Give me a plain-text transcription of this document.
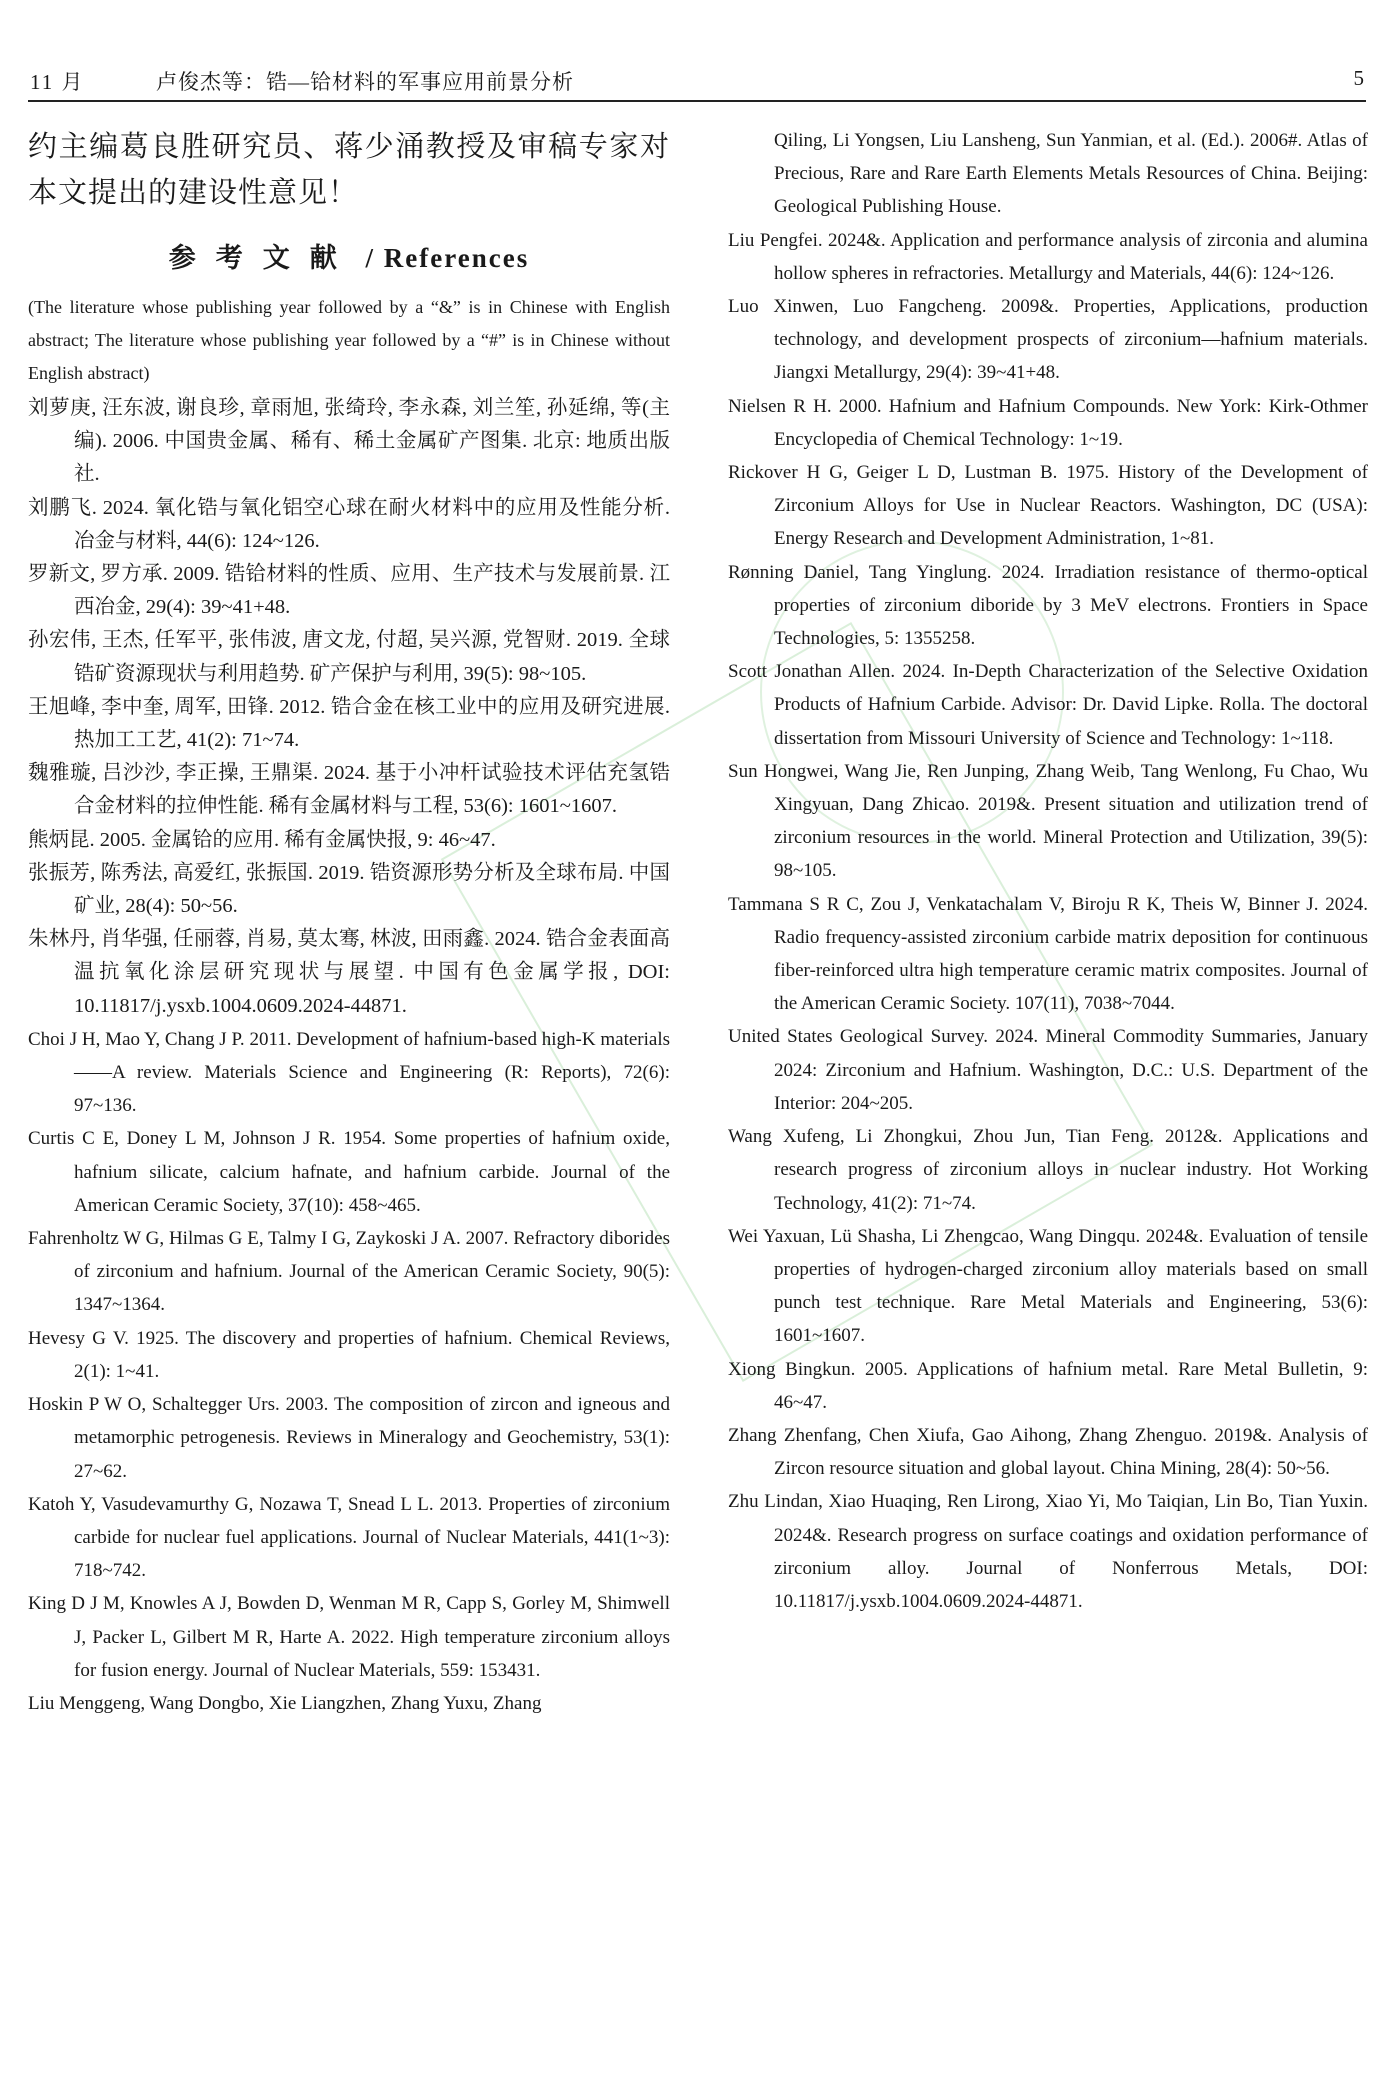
11 月	卢俊杰等：锆—铪材料的军事应用前景分析	5

约主编葛良胜研究员、蒋少涌教授及审稿专家对本文提出的建设性意见！

参考文献 / References

(The literature whose publishing year followed by a “&” is in Chinese with English abstract; The literature whose publishing year followed by a “#” is in Chinese without English abstract)

刘萝庚, 汪东波, 谢良珍, 章雨旭, 张绮玲, 李永森, 刘兰笙, 孙延绵, 等(主编). 2006. 中国贵金属、稀有、稀土金属矿产图集. 北京: 地质出版社.

刘鹏飞. 2024. 氧化锆与氧化铝空心球在耐火材料中的应用及性能分析. 冶金与材料, 44(6): 124~126.

罗新文, 罗方承. 2009. 锆铪材料的性质、应用、生产技术与发展前景. 江西冶金, 29(4): 39~41+48.

孙宏伟, 王杰, 任军平, 张伟波, 唐文龙, 付超, 吴兴源, 党智财. 2019. 全球锆矿资源现状与利用趋势. 矿产保护与利用, 39(5): 98~105.

王旭峰, 李中奎, 周军, 田锋. 2012. 锆合金在核工业中的应用及研究进展. 热加工工艺, 41(2): 71~74.

魏雅璇, 吕沙沙, 李正操, 王鼎渠. 2024. 基于小冲杆试验技术评估充氢锆合金材料的拉伸性能. 稀有金属材料与工程, 53(6): 1601~1607.

熊炳昆. 2005. 金属铪的应用. 稀有金属快报, 9: 46~47.

张振芳, 陈秀法, 高爱红, 张振国. 2019. 锆资源形势分析及全球布局. 中国矿业, 28(4): 50~56.

朱林丹, 肖华强, 任丽蓉, 肖易, 莫太骞, 林波, 田雨鑫. 2024. 锆合金表面高温抗氧化涂层研究现状与展望. 中国有色金属学报, DOI: 10.11817/j.ysxb.1004.0609.2024-44871.

Choi J H, Mao Y, Chang J P. 2011. Development of hafnium-based high-K materials——A review. Materials Science and Engineering (R: Reports), 72(6): 97~136.

Curtis C E, Doney L M, Johnson J R. 1954. Some properties of hafnium oxide, hafnium silicate, calcium hafnate, and hafnium carbide. Journal of the American Ceramic Society, 37(10): 458~465.

Fahrenholtz W G, Hilmas G E, Talmy I G, Zaykoski J A. 2007. Refractory diborides of zirconium and hafnium. Journal of the American Ceramic Society, 90(5): 1347~1364.

Hevesy G V. 1925. The discovery and properties of hafnium. Chemical Reviews, 2(1): 1~41.

Hoskin P W O, Schaltegger Urs. 2003. The composition of zircon and igneous and metamorphic petrogenesis. Reviews in Mineralogy and Geochemistry, 53(1): 27~62.

Katoh Y, Vasudevamurthy G, Nozawa T, Snead L L. 2013. Properties of zirconium carbide for nuclear fuel applications. Journal of Nuclear Materials, 441(1~3): 718~742.

King D J M, Knowles A J, Bowden D, Wenman M R, Capp S, Gorley M, Shimwell J, Packer L, Gilbert M R, Harte A. 2022. High temperature zirconium alloys for fusion energy. Journal of Nuclear Materials, 559: 153431.

Liu Menggeng, Wang Dongbo, Xie Liangzhen, Zhang Yuxu, Zhang

Qiling, Li Yongsen, Liu Lansheng, Sun Yanmian, et al. (Ed.). 2006#. Atlas of Precious, Rare and Rare Earth Elements Metals Resources of China. Beijing: Geological Publishing House.

Liu Pengfei. 2024&. Application and performance analysis of zirconia and alumina hollow spheres in refractories. Metallurgy and Materials, 44(6): 124~126.

Luo Xinwen, Luo Fangcheng. 2009&. Properties, Applications, production technology, and development prospects of zirconium—hafnium materials. Jiangxi Metallurgy, 29(4): 39~41+48.

Nielsen R H. 2000. Hafnium and Hafnium Compounds. New York: Kirk-Othmer Encyclopedia of Chemical Technology: 1~19.

Rickover H G, Geiger L D, Lustman B. 1975. History of the Development of Zirconium Alloys for Use in Nuclear Reactors. Washington, DC (USA): Energy Research and Development Administration, 1~81.

Rønning Daniel, Tang Yinglung. 2024. Irradiation resistance of thermo-optical properties of zirconium diboride by 3 MeV electrons. Frontiers in Space Technologies, 5: 1355258.

Scott Jonathan Allen. 2024. In-Depth Characterization of the Selective Oxidation Products of Hafnium Carbide. Advisor: Dr. David Lipke. Rolla. The doctoral dissertation from Missouri University of Science and Technology: 1~118.

Sun Hongwei, Wang Jie, Ren Junping, Zhang Weib, Tang Wenlong, Fu Chao, Wu Xingyuan, Dang Zhicao. 2019&. Present situation and utilization trend of zirconium resources in the world. Mineral Protection and Utilization, 39(5): 98~105.

Tammana S R C, Zou J, Venkatachalam V, Biroju R K, Theis W, Binner J. 2024. Radio frequency-assisted zirconium carbide matrix deposition for continuous fiber-reinforced ultra high temperature ceramic matrix composites. Journal of the American Ceramic Society. 107(11), 7038~7044.

United States Geological Survey. 2024. Mineral Commodity Summaries, January 2024: Zirconium and Hafnium. Washington, D.C.: U.S. Department of the Interior: 204~205.

Wang Xufeng, Li Zhongkui, Zhou Jun, Tian Feng. 2012&. Applications and research progress of zirconium alloys in nuclear industry. Hot Working Technology, 41(2): 71~74.

Wei Yaxuan, Lü Shasha, Li Zhengcao, Wang Dingqu. 2024&. Evaluation of tensile properties of hydrogen-charged zirconium alloy materials based on small punch test technique. Rare Metal Materials and Engineering, 53(6): 1601~1607.

Xiong Bingkun. 2005. Applications of hafnium metal. Rare Metal Bulletin, 9: 46~47.

Zhang Zhenfang, Chen Xiufa, Gao Aihong, Zhang Zhenguo. 2019&. Analysis of Zircon resource situation and global layout. China Mining, 28(4): 50~56.

Zhu Lindan, Xiao Huaqing, Ren Lirong, Xiao Yi, Mo Taiqian, Lin Bo, Tian Yuxin. 2024&. Research progress on surface coatings and oxidation performance of zirconium alloy. Journal of Nonferrous Metals, DOI: 10.11817/j.ysxb.1004.0609.2024-44871.
